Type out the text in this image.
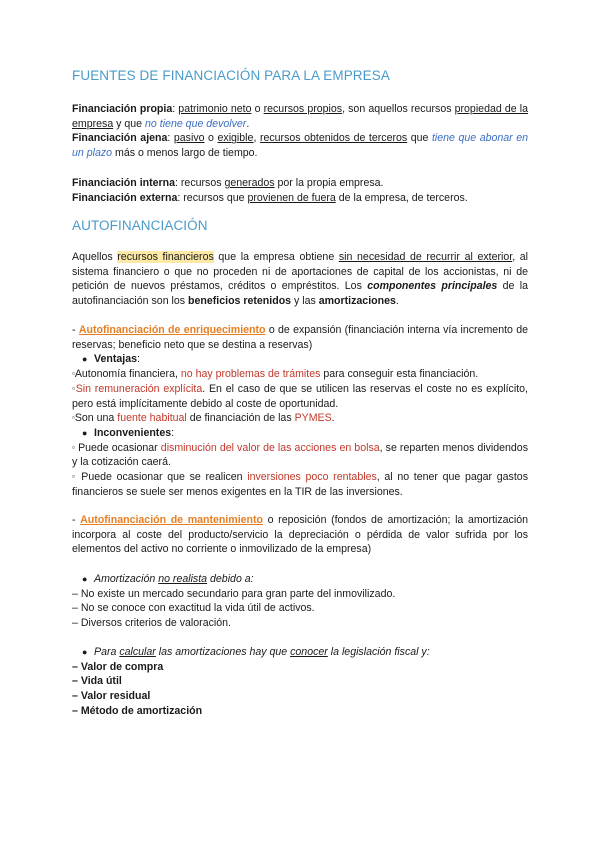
FUENTES DE FINANCIACIÓN PARA LA EMPRESA

Financiación propia: patrimonio neto o recursos propios, son aquellos recursos propiedad de la empresa y que no tiene que devolver.

Financiación ajena: pasivo o exigible, recursos obtenidos de terceros que tiene que abonar en un plazo más o menos largo de tiempo.

Financiación interna: recursos generados por la propia empresa.

Financiación externa: recursos que provienen de fuera de la empresa, de terceros.

AUTOFINANCIACIÓN

Aquellos recursos financieros que la empresa obtiene sin necesidad de recurrir al exterior, al sistema financiero o que no proceden ni de aportaciones de capital de los accionistas, ni de petición de nuevos préstamos, créditos o empréstitos. Los componentes principales de la autofinanciación son los beneficios retenidos y las amortizaciones.

- Autofinanciación de enriquecimiento o de expansión (financiación interna vía incremento de reservas; beneficio neto que se destina a reservas)

● Ventajas:

▫Autonomía financiera, no hay problemas de trámites para conseguir esta financiación.

▫Sin remuneración explícita. En el caso de que se utilicen las reservas el coste no es explícito, pero está implícitamente debido al coste de oportunidad.

▫Son una fuente habitual de financiación de las PYMES.

● Inconvenientes:

▫ Puede ocasionar disminución del valor de las acciones en bolsa, se reparten menos dividendos y la cotización caerá.

▫ Puede ocasionar que se realicen inversiones poco rentables, al no tener que pagar gastos financieros se suele ser menos exigentes en la TIR de las inversiones.

- Autofinanciación de mantenimiento o reposición (fondos de amortización; la amortización incorpora al coste del producto/servicio la depreciación o pérdida de valor sufrida por los elementos del activo no corriente o inmovilizado de la empresa)

● Amortización no realista debido a:

– No existe un mercado secundario para gran parte del inmovilizado.

– No se conoce con exactitud la vida útil de activos.

– Diversos criterios de valoración.

● Para calcular las amortizaciones hay que conocer la legislación fiscal y:

– Valor de compra

– Vida útil

– Valor residual

– Método de amortización
